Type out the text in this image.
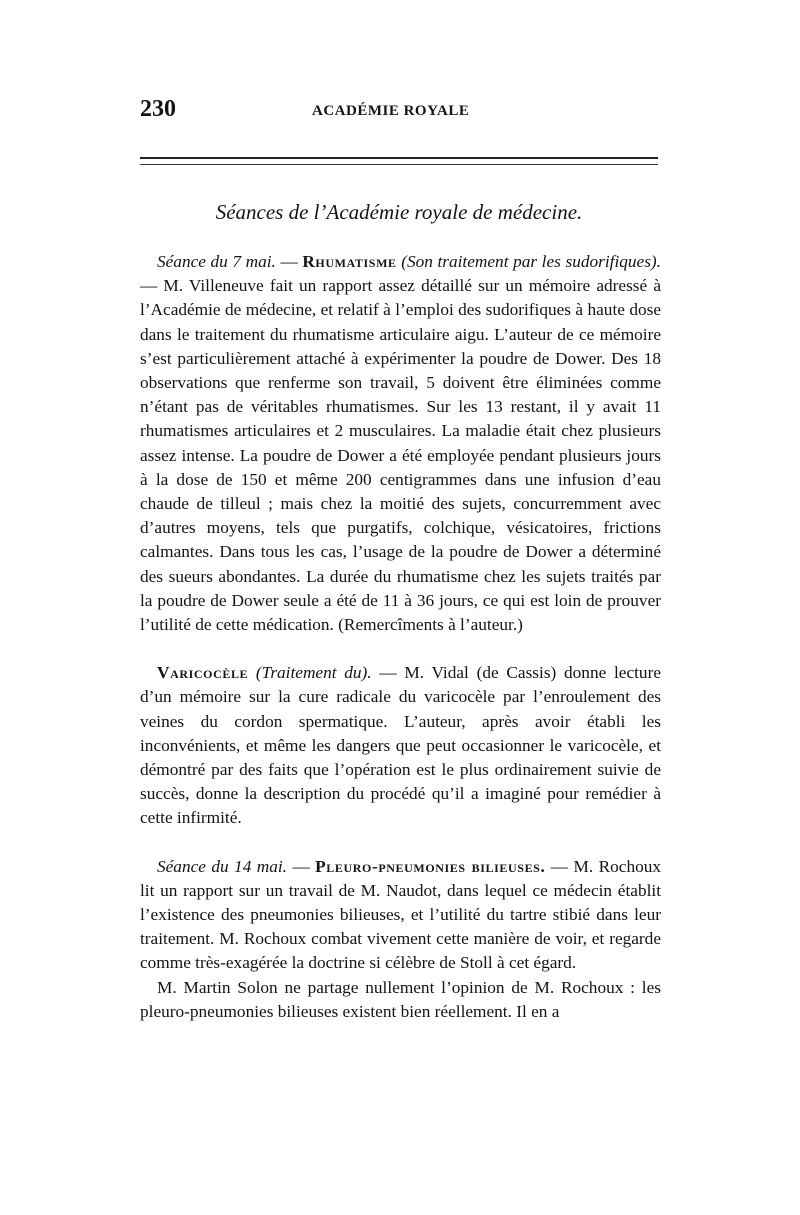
230	ACADÉMIE ROYALE
Séances de l’Académie royale de médecine.

Séance du 7 mai. — Rhumatisme (Son traitement par les sudorifiques). — M. Villeneuve fait un rapport assez détaillé sur un mémoire adressé à l’Académie de médecine, et relatif à l’emploi des sudorifiques à haute dose dans le traitement du rhumatisme articulaire aigu. L’auteur de ce mémoire s’est particulièrement attaché à expérimenter la poudre de Dower. Des 18 observations que renferme son travail, 5 doivent être éliminées comme n’étant pas de véritables rhumatismes. Sur les 13 restant, il y avait 11 rhumatismes articulaires et 2 musculaires. La maladie était chez plusieurs assez intense. La poudre de Dower a été employée pendant plusieurs jours à la dose de 150 et même 200 centigrammes dans une infusion d’eau chaude de tilleul ; mais chez la moitié des sujets, concurremment avec d’autres moyens, tels que purgatifs, colchique, vésicatoires, frictions calmantes. Dans tous les cas, l’usage de la poudre de Dower a déterminé des sueurs abondantes. La durée du rhumatisme chez les sujets traités par la poudre de Dower seule a été de 11 à 36 jours, ce qui est loin de prouver l’utilité de cette médication. (Remercîments à l’auteur.)

Varicocèle (Traitement du). — M. Vidal (de Cassis) donne lecture d’un mémoire sur la cure radicale du varicocèle par l’enroulement des veines du cordon spermatique. L’auteur, après avoir établi les inconvénients, et même les dangers que peut occasionner le varicocèle, et démontré par des faits que l’opération est le plus ordinairement suivie de succès, donne la description du procédé qu’il a imaginé pour remédier à cette infirmité.

Séance du 14 mai. — Pleuro-pneumonies bilieuses. — M. Rochoux lit un rapport sur un travail de M. Naudot, dans lequel ce médecin établit l’existence des pneumonies bilieuses, et l’utilité du tartre stibié dans leur traitement. M. Rochoux combat vivement cette manière de voir, et regarde comme très-exagérée la doctrine si célèbre de Stoll à cet égard.

M. Martin Solon ne partage nullement l’opinion de M. Rochoux : les pleuro-pneumonies bilieuses existent bien réellement. Il en a
